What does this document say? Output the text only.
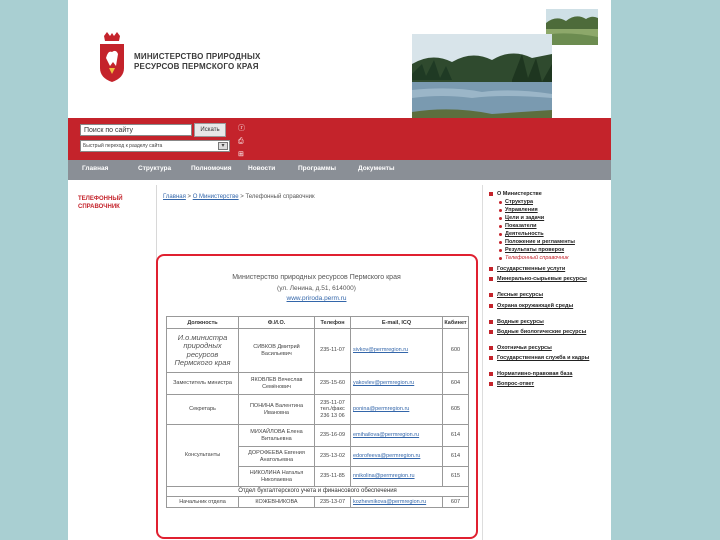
МИНИСТЕРСТВО ПРИРОДНЫХ
РЕСУРСОВ ПЕРМСКОГО КРАЯ
Поиск по сайту	Искать
Быстрый переход к разделу сайта	▾
ⓡ
⎙
⊞
Главная	Структура	Полномочия	Новости	Программы	Документы
ТЕЛЕФОННЫЙ
СПРАВОЧНИК
Главная > О Министерстве > Телефонный справочник
Министерство природных ресурсов Пермского края
(ул. Ленина, д.51, 614000)
www.priroda.perm.ru
Должность	Ф.И.О.	Телефон	E-mail, ICQ	Кабинет
И.о.министра природных ресурсов Пермского края	СИВКОВ Дмитрий Васильевич	235-11-07	sivkov@permregion.ru	600
Заместитель министра	ЯКОВЛЕВ Вячеслав Семёнович	235-15-60	yakovlev@permregion.ru	604
Секретарь	ПОНИНА Валентина Ивановна	235-11-07 тел./факс 236 13 06	ponina@permregion.ru	605
Консультанты	МИХАЙЛОВА Елена Витальевна	235-16-09	emihailova@permregion.ru	614
	ДОРОФЕЕВА Евгения Анатольевна	235-13-02	edorofeeva@permregion.ru	614
	НИКОЛИНА Наталья Николаевна	235-11-85	nnikolina@permregion.ru	615
Отдел бухгалтерского учета и финансового обеспечения				
Начальник отдела	КОЖЕВНИКОВА	235-13-07	kozhevnikova@permregion.ru	607
О Министерстве
Структура
Управления
Цели и задачи
Показатели
Деятельность
Положение и регламенты
Результаты проверок
Телефонный справочник
Государственные услуги
Минерально-сырьевые ресурсы
Лесные ресурсы
Охрана окружающей среды
Водные ресурсы
Водные биологические ресурсы
Охотничьи ресурсы
Государственная служба и кадры
Нормативно-правовая база
Вопрос-ответ
